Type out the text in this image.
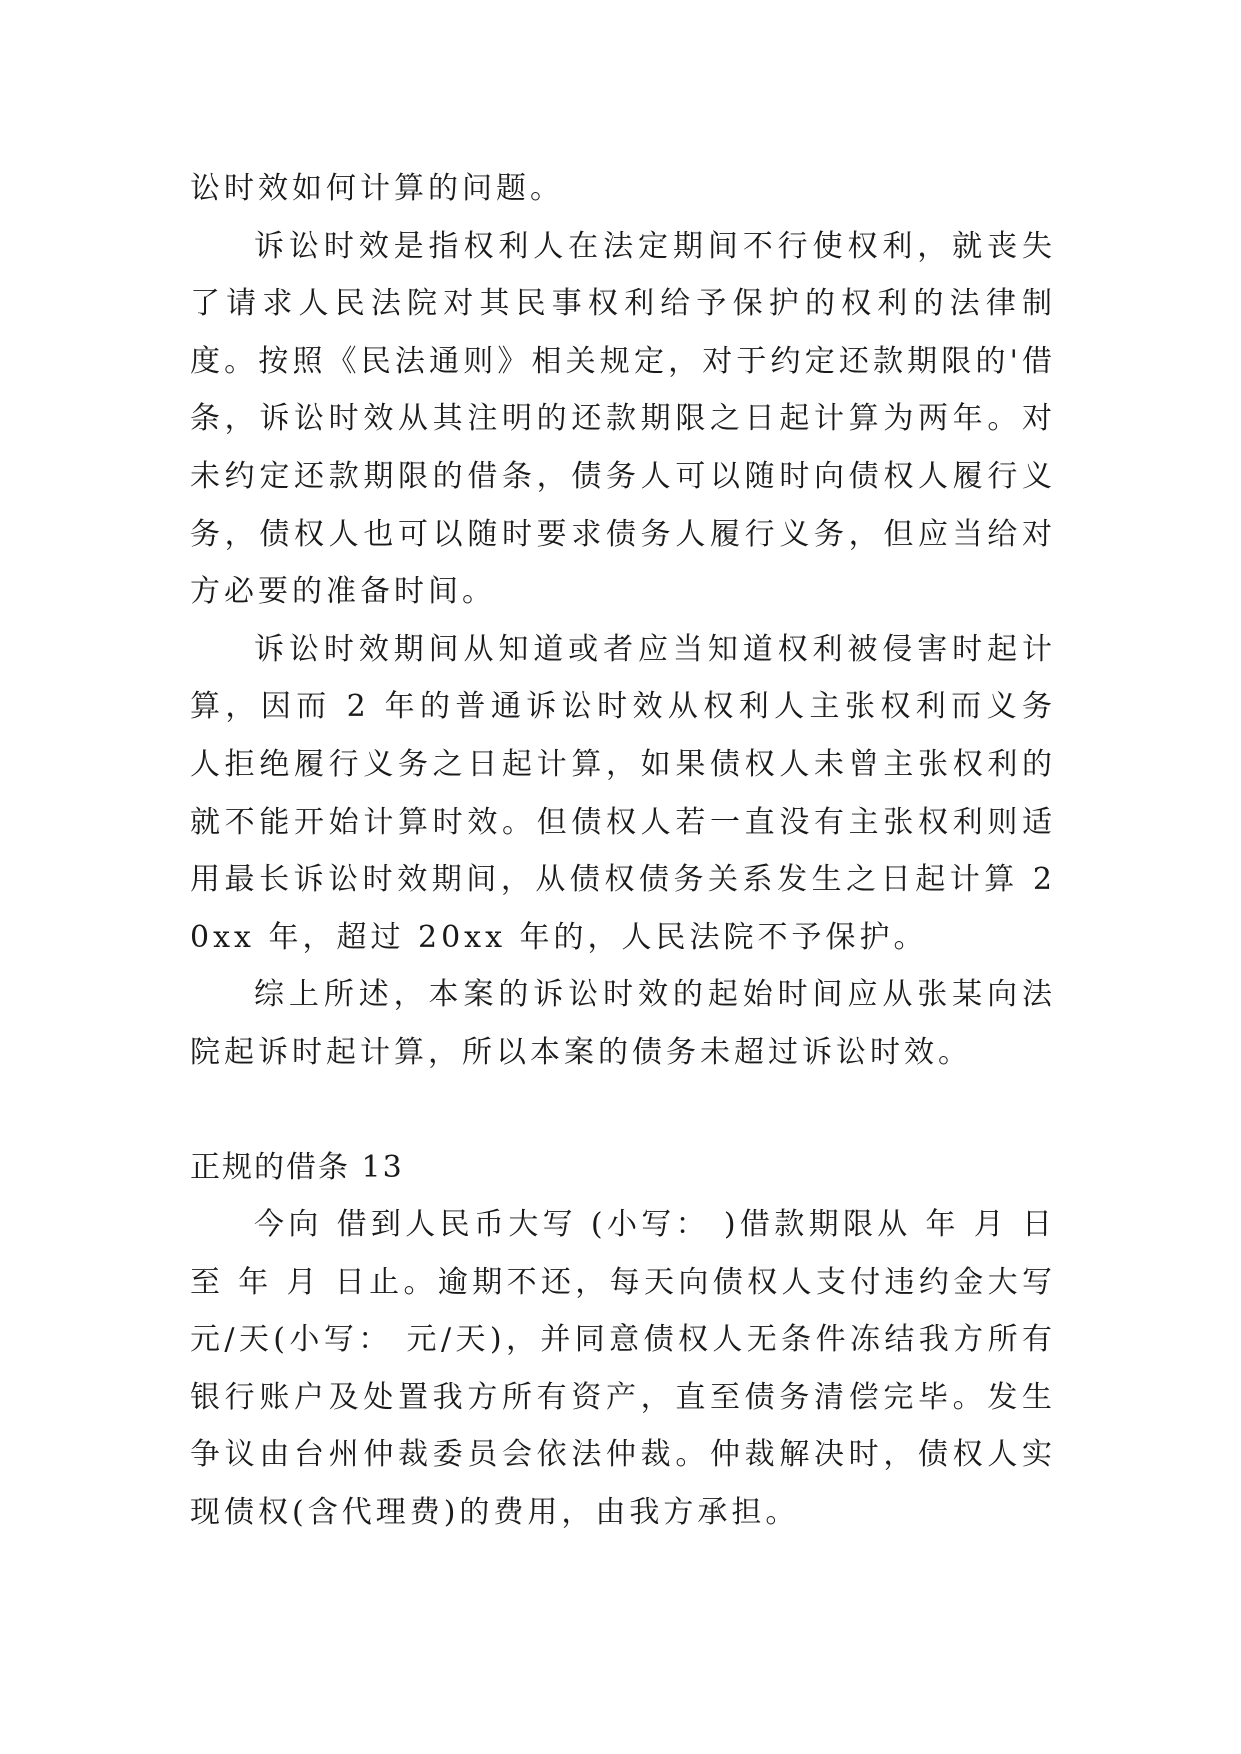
讼时效如何计算的问题。

诉讼时效是指权利人在法定期间不行使权利，就丧失了请求人民法院对其民事权利给予保护的权利的法律制度。按照《民法通则》相关规定，对于约定还款期限的'借条，诉讼时效从其注明的还款期限之日起计算为两年。对未约定还款期限的借条，债务人可以随时向债权人履行义务，债权人也可以随时要求债务人履行义务，但应当给对方必要的准备时间。

诉讼时效期间从知道或者应当知道权利被侵害时起计算，因而 2 年的普通诉讼时效从权利人主张权利而义务人拒绝履行义务之日起计算，如果债权人未曾主张权利的就不能开始计算时效。但债权人若一直没有主张权利则适用最长诉讼时效期间，从债权债务关系发生之日起计算 20xx 年，超过 20xx 年的，人民法院不予保护。

综上所述，本案的诉讼时效的起始时间应从张某向法院起诉时起计算，所以本案的债务未超过诉讼时效。

正规的借条 13

今向 借到人民币大写 (小写： )借款期限从 年 月 日至 年 月 日止。逾期不还，每天向债权人支付违约金大写元/天(小写： 元/天)，并同意债权人无条件冻结我方所有银行账户及处置我方所有资产，直至债务清偿完毕。发生争议由台州仲裁委员会依法仲裁。仲裁解决时，债权人实现债权(含代理费)的费用，由我方承担。
